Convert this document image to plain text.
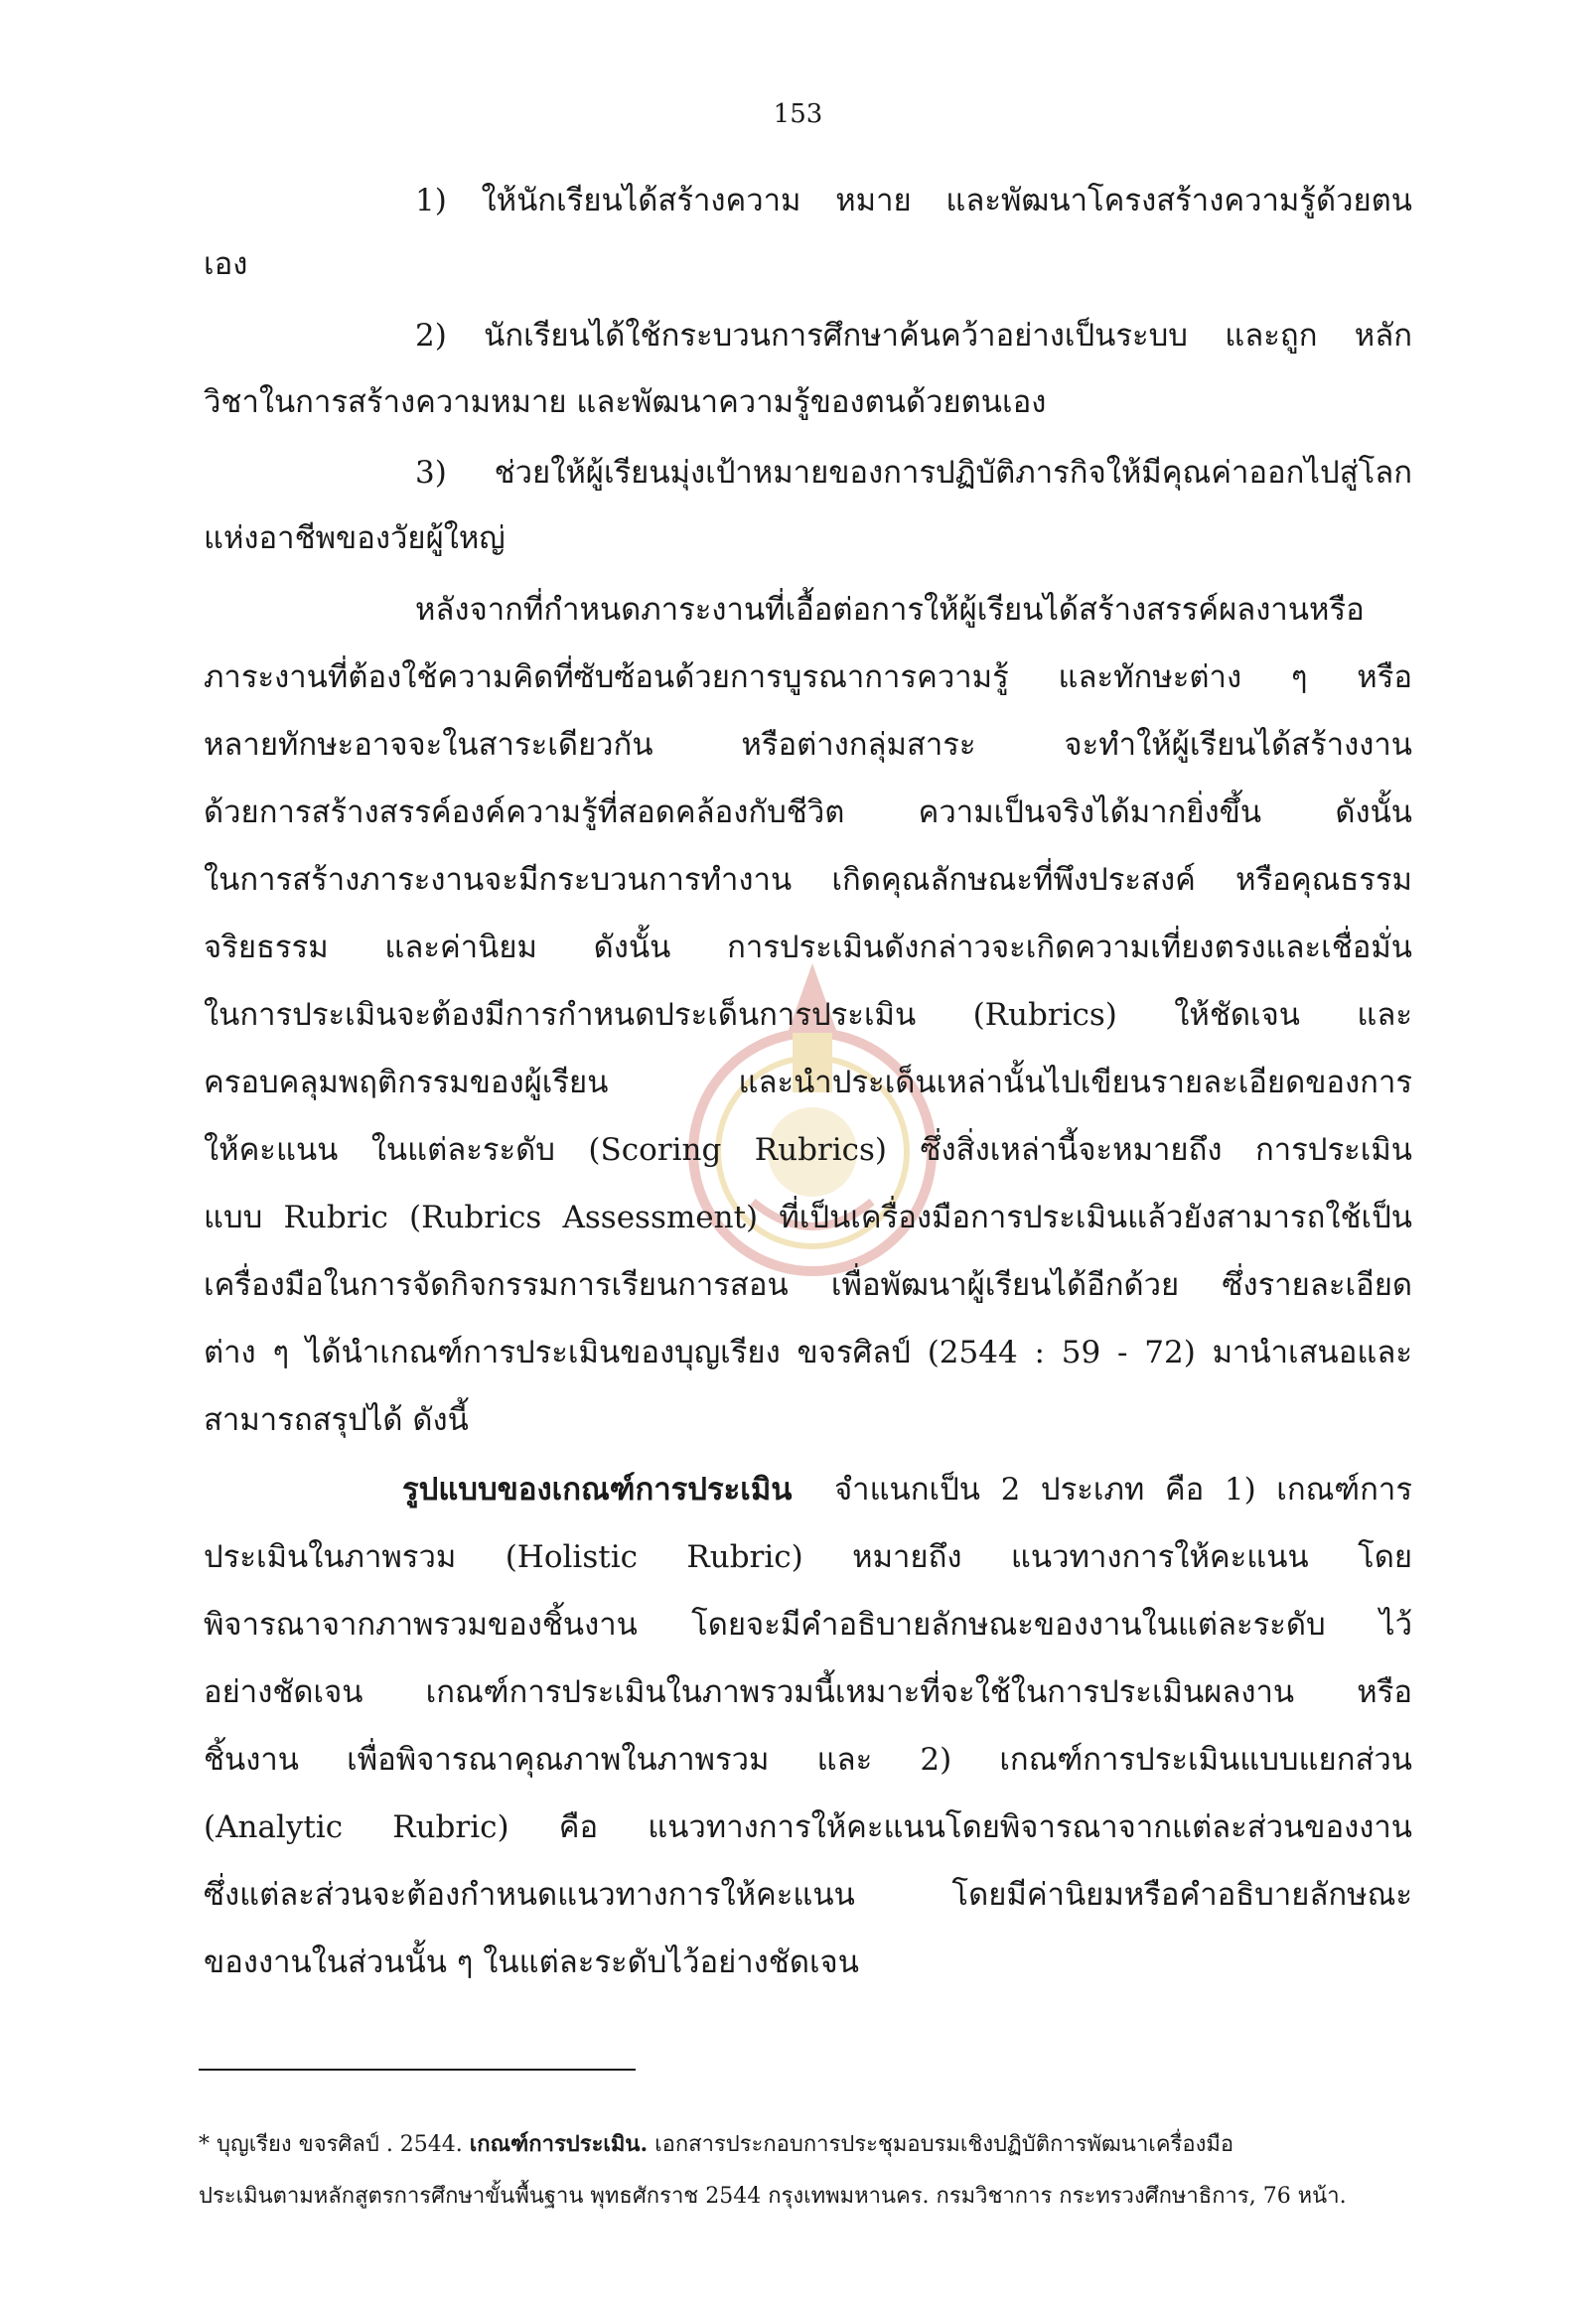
153
1) ให้นักเรียนได้สร้างความ หมาย และพัฒนาโครงสร้างความรู้ด้วยตน
เอง
2) นักเรียนได้ใช้กระบวนการศึกษาค้นคว้าอย่างเป็นระบบ และถูก หลัก
วิชาในการสร้างความหมาย และพัฒนาความรู้ของตนด้วยตนเอง
3) ช่วยให้ผู้เรียนมุ่งเป้าหมายของการปฏิบัติภารกิจให้มีคุณค่าออกไปสู่โลก
แห่งอาชีพของวัยผู้ใหญ่
หลังจากที่กำหนดภาระงานที่เอื้อต่อการให้ผู้เรียนได้สร้างสรรค์ผลงานหรือ
ภาระงานที่ต้องใช้ความคิดที่ซับซ้อนด้วยการบูรณาการความรู้ และทักษะต่าง ๆ หรือ
หลายทักษะอาจจะในสาระเดียวกัน หรือต่างกลุ่มสาระ จะทำให้ผู้เรียนได้สร้างงาน
ด้วยการสร้างสรรค์องค์ความรู้ที่สอดคล้องกับชีวิต ความเป็นจริงได้มากยิ่งขึ้น ดังนั้น
ในการสร้างภาระงานจะมีกระบวนการทำงาน เกิดคุณลักษณะที่พึงประสงค์ หรือคุณธรรม
จริยธรรม และค่านิยม ดังนั้น การประเมินดังกล่าวจะเกิดความเที่ยงตรงและเชื่อมั่น
ในการประเมินจะต้องมีการกำหนดประเด็นการประเมิน (Rubrics) ให้ชัดเจน และ
ครอบคลุมพฤติกรรมของผู้เรียน และนำประเด็นเหล่านั้นไปเขียนรายละเอียดของการ
ให้คะแนน ในแต่ละระดับ (Scoring Rubrics) ซึ่งสิ่งเหล่านี้จะหมายถึง การประเมิน
แบบ Rubric (Rubrics Assessment) ที่เป็นเครื่องมือการประเมินแล้วยังสามารถใช้เป็น
เครื่องมือในการจัดกิจกรรมการเรียนการสอน เพื่อพัฒนาผู้เรียนได้อีกด้วย ซึ่งรายละเอียด
ต่าง ๆ ได้นำเกณฑ์การประเมินของบุญเรียง ขจรศิลป์ (2544 : 59 - 72) มานำเสนอและ
สามารถสรุปได้ ดังนี้
รูปแบบของเกณฑ์การประเมิน จำแนกเป็น 2 ประเภท คือ 1) เกณฑ์การ
ประเมินในภาพรวม (Holistic Rubric) หมายถึง แนวทางการให้คะแนน โดย
พิจารณาจากภาพรวมของชิ้นงาน โดยจะมีคำอธิบายลักษณะของงานในแต่ละระดับ ไว้
อย่างชัดเจน เกณฑ์การประเมินในภาพรวมนี้เหมาะที่จะใช้ในการประเมินผลงาน หรือ
ชิ้นงาน เพื่อพิจารณาคุณภาพในภาพรวม และ 2) เกณฑ์การประเมินแบบแยกส่วน
(Analytic Rubric) คือ แนวทางการให้คะแนนโดยพิจารณาจากแต่ละส่วนของงาน
ซึ่งแต่ละส่วนจะต้องกำหนดแนวทางการให้คะแนน โดยมีค่านิยมหรือคำอธิบายลักษณะ
ของงานในส่วนนั้น ๆ ในแต่ละระดับไว้อย่างชัดเจน
* บุญเรียง ขจรศิลป์ . 2544. เกณฑ์การประเมิน. เอกสารประกอบการประชุมอบรมเชิงปฏิบัติการพัฒนาเครื่องมือ
ประเมินตามหลักสูตรการศึกษาขั้นพื้นฐาน พุทธศักราช 2544 กรุงเทพมหานคร. กรมวิชาการ กระทรวงศึกษาธิการ, 76 หน้า.
